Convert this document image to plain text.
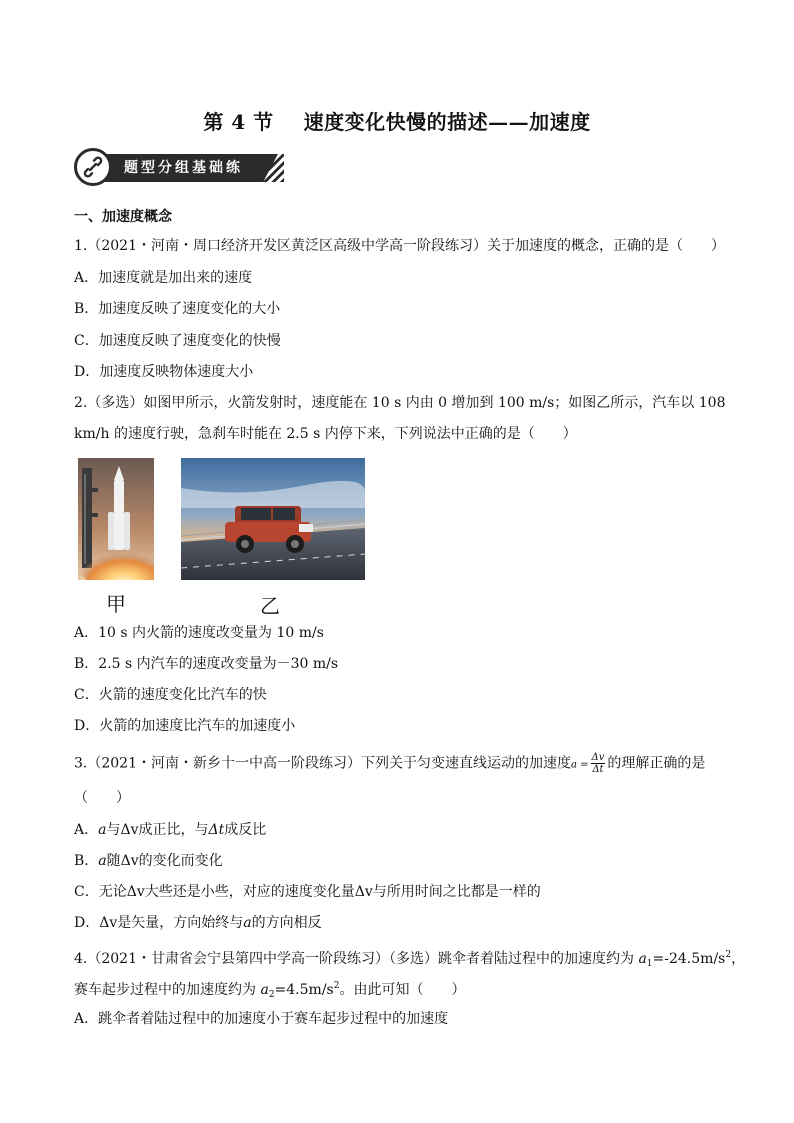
第 4 节 速度变化快慢的描述——加速度
题型分组基础练
一、加速度概念
1.（2021・河南・周口经济开发区黄泛区高级中学高一阶段练习）关于加速度的概念，正确的是（　　）
A．加速度就是加出来的速度
B．加速度反映了速度变化的大小
C．加速度反映了速度变化的快慢
D．加速度反映物体速度大小
2.（多选）如图甲所示，火箭发射时，速度能在 10 s 内由 0 增加到 100 m/s；如图乙所示，汽车以 108
km/h 的速度行驶，急刹车时能在 2.5 s 内停下来，下列说法中正确的是（　　）
甲	乙
A．10 s 内火箭的速度改变量为 10 m/s
B．2.5 s 内汽车的速度改变量为－30 m/s
C．火箭的速度变化比汽车的快
D．火箭的加速度比汽车的加速度小
3.（2021・河南・新乡十一中高一阶段练习）下列关于匀变速直线运动的加速度$a = \frac{\Delta v}{\Delta t}$ 的理解正确的是
（　　）
A．a与Δv成正比，与Δt成反比
B．a随Δv的变化而变化
C．无论Δv大些还是小些，对应的速度变化量Δv与所用时间之比都是一样的
D．Δv是矢量，方向始终与a的方向相反
4.（2021・甘肃省会宁县第四中学高一阶段练习）（多选）跳伞者着陆过程中的加速度约为 $a_1=-24.5m/s^2$，
赛车起步过程中的加速度约为 $a_2=4.5m/s^2$。由此可知（　　）
A．跳伞者着陆过程中的加速度小于赛车起步过程中的加速度
